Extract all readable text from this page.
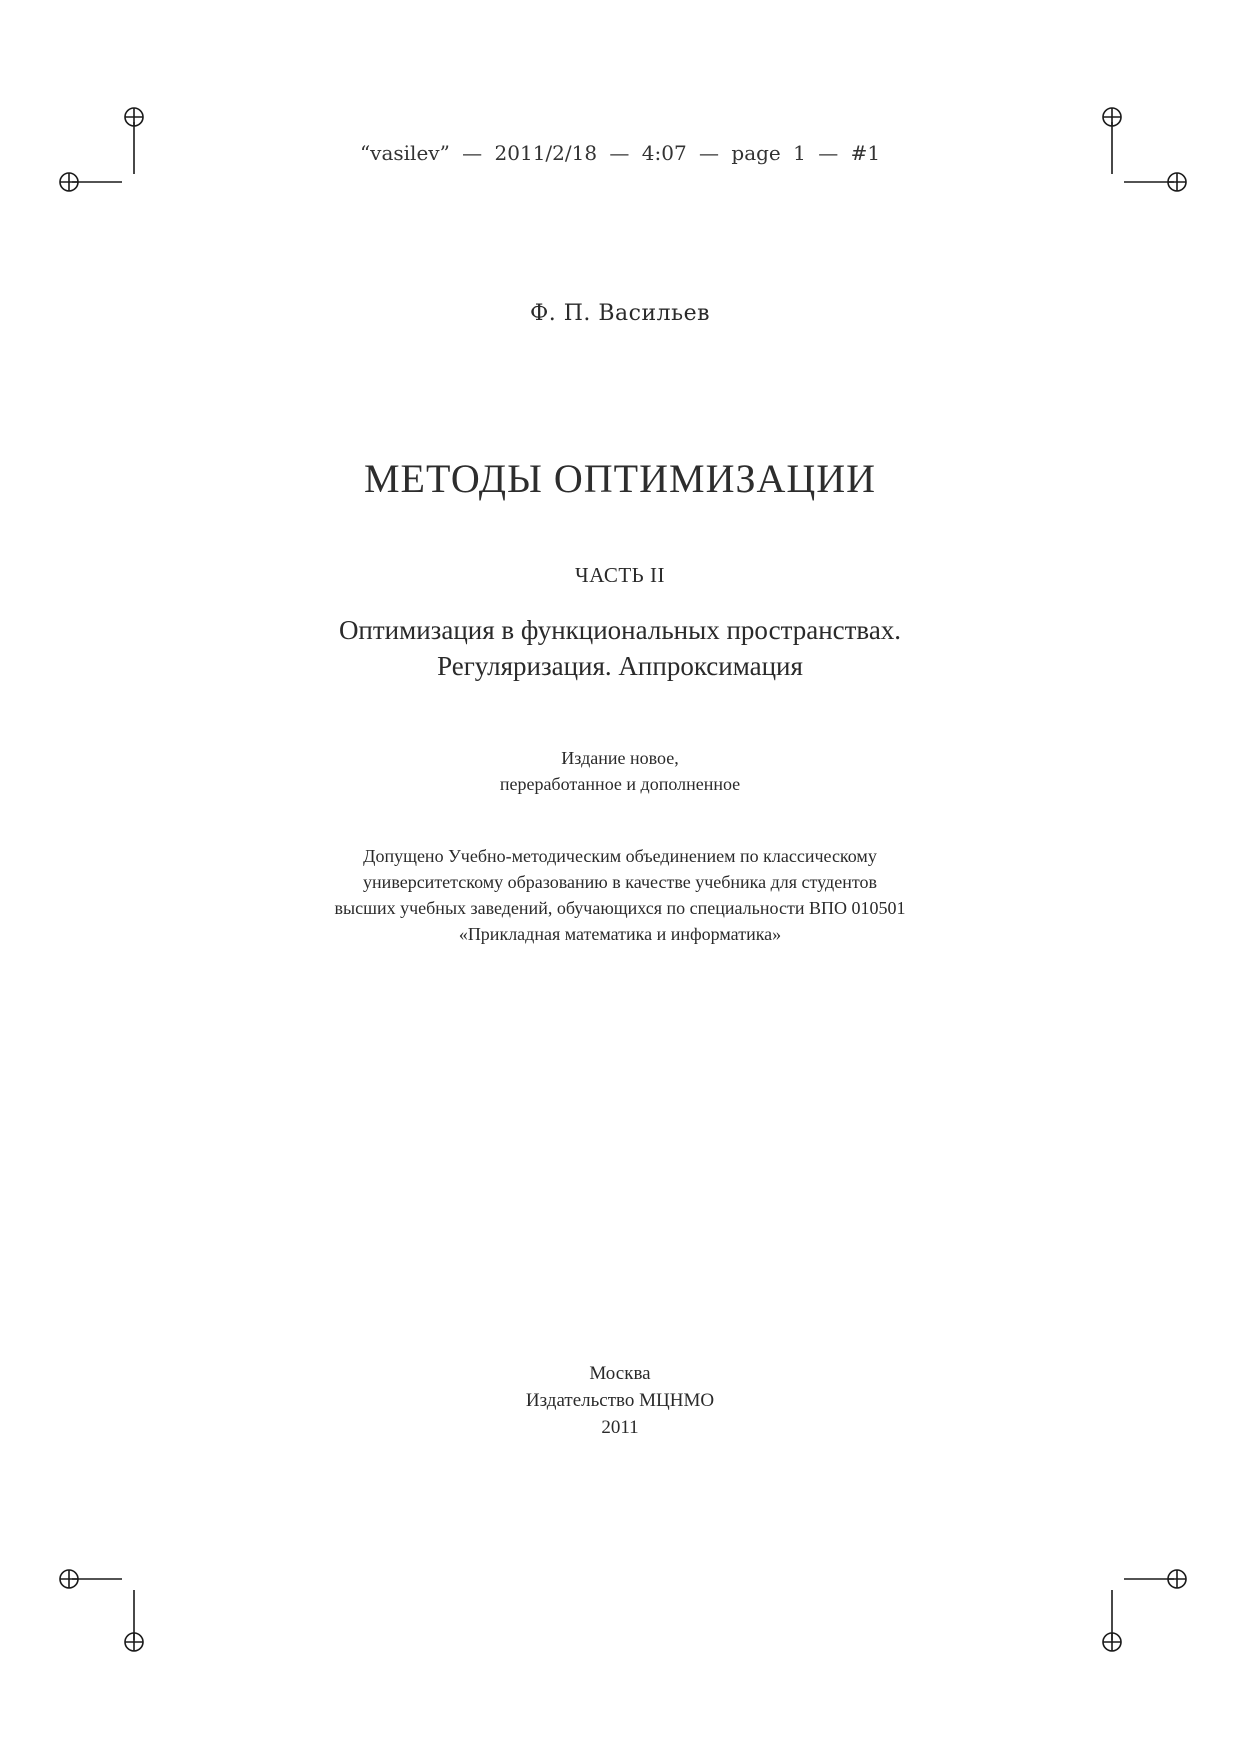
“vasilev” — 2011/2/18 — 4:07 — page 1 — #1
Ф. П. Васильев
МЕТОДЫ ОПТИМИЗАЦИИ
ЧАСТЬ II
Оптимизация в функциональных пространствах.
Регуляризация. Аппроксимация
Издание новое,
переработанное и дополненное
Допущено Учебно-методическим объединением по классическому
университетскому образованию в качестве учебника для студентов
высших учебных заведений, обучающихся по специальности ВПО 010501
«Прикладная математика и информатика»
Москва
Издательство МЦНМО
2011
